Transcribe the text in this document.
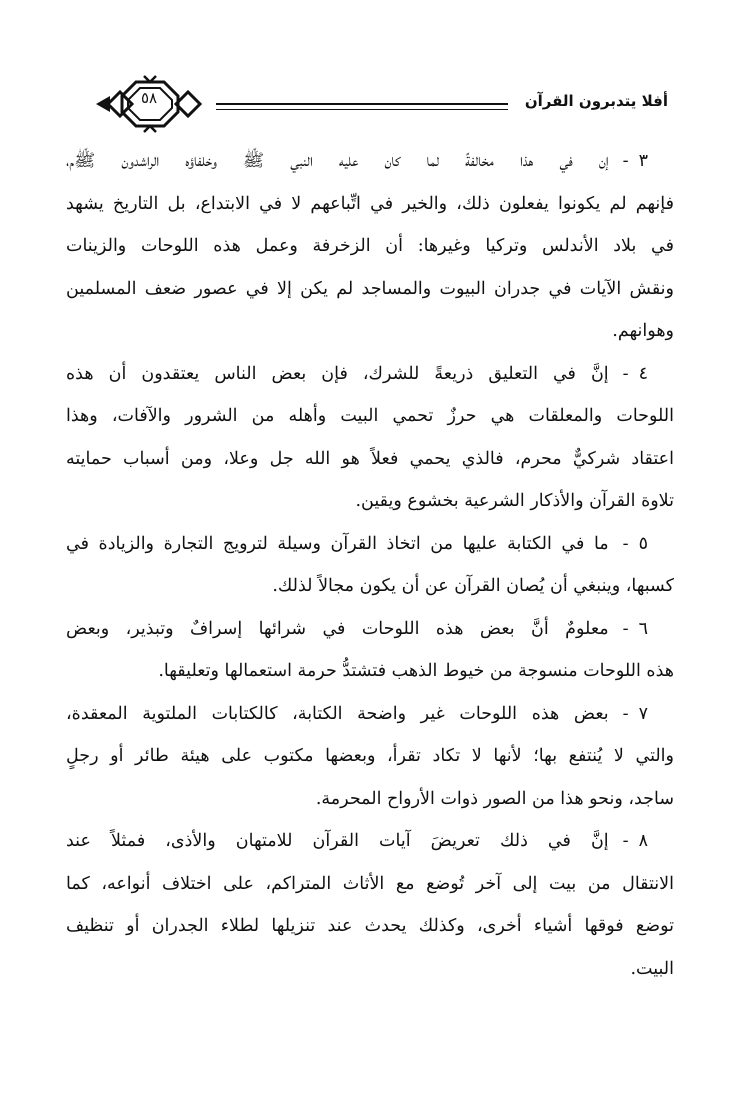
٥٨	أفلا يتدبرون القرآن
٣-إن في هذا مخالفةً لما كان عليه النبي ﷺ وخلفاؤه الراشدون ﷺم،
فإنهم لم يكونوا يفعلون ذلك، والخير في اتِّباعهم لا في الابتداع، بل التاريخ يشهد
في بلاد الأندلس وتركيا وغيرها: أن الزخرفة وعمل هذه اللوحات والزينات
ونقش الآيات في جدران البيوت والمساجد لم يكن إلا في عصور ضعف المسلمين
وهوانهم.
٤-إنَّ في التعليق ذريعةً للشرك، فإن بعض الناس يعتقدون أن هذه
اللوحات والمعلقات هي حرزٌ تحمي البيت وأهله من الشرور والآفات، وهذا
اعتقاد شركيٌّ محرم، فالذي يحمي فعلاً هو الله جل وعلا، ومن أسباب حمايته
تلاوة القرآن والأذكار الشرعية بخشوع ويقين.
٥-ما في الكتابة عليها من اتخاذ القرآن وسيلة لترويج التجارة والزيادة في
كسبها، وينبغي أن يُصان القرآن عن أن يكون مجالاً لذلك.
٦-معلومٌ أنَّ بعض هذه اللوحات في شرائها إسرافٌ وتبذير، وبعض
هذه اللوحات منسوجة من خيوط الذهب فتشتدُّ حرمة استعمالها وتعليقها.
٧-بعض هذه اللوحات غير واضحة الكتابة، كالكتابات الملتوية المعقدة،
والتي لا يُنتفع بها؛ لأنها لا تكاد تقرأ، وبعضها مكتوب على هيئة طائر أو رجلٍ
ساجد، ونحو هذا من الصور ذوات الأرواح المحرمة.
٨-إنَّ في ذلك تعريضَ آيات القرآن للامتهان والأذى، فمثلاً عند
الانتقال من بيت إلى آخر تُوضع مع الأثاث المتراكم، على اختلاف أنواعه، كما
توضع فوقها أشياء أخرى، وكذلك يحدث عند تنزيلها لطلاء الجدران أو تنظيف
البيت.
